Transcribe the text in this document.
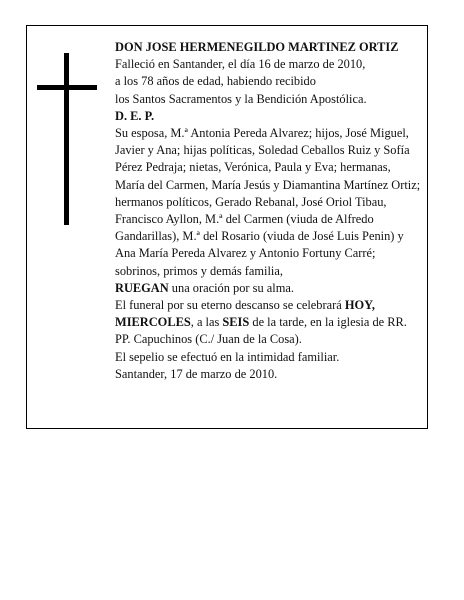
DON JOSE HERMENEGILDO MARTINEZ ORTIZ

Falleció en Santander, el día 16 de marzo de 2010,

a los 78 años de edad, habiendo recibido

los Santos Sacramentos y la Bendición Apostólica.

D. E. P.

Su esposa, M.ª Antonia Pereda Alvarez; hijos, José Miguel, Javier y Ana; hijas políticas, Soledad Ceballos Ruiz y Sofía Pérez Pedraja; nietas, Verónica, Paula y Eva; hermanas, María del Carmen, María Jesús y Diamantina Martínez Ortiz; hermanos políticos, Gerado Rebanal, José Oriol Tibau, Francisco Ayllon, M.ª del Carmen (viuda de Alfredo Gandarillas), M.ª del Rosario (viuda de José Luis Penin) y Ana María Pereda Alvarez y Antonio Fortuny Carré; sobrinos, primos y demás familia,

RUEGAN una oración por su alma.

El funeral por su eterno descanso se celebrará HOY, MIERCOLES, a las SEIS de la tarde, en la iglesia de RR. PP. Capuchinos (C./ Juan de la Cosa).

El sepelio se efectuó en la intimidad familiar.

Santander, 17 de marzo de 2010.
